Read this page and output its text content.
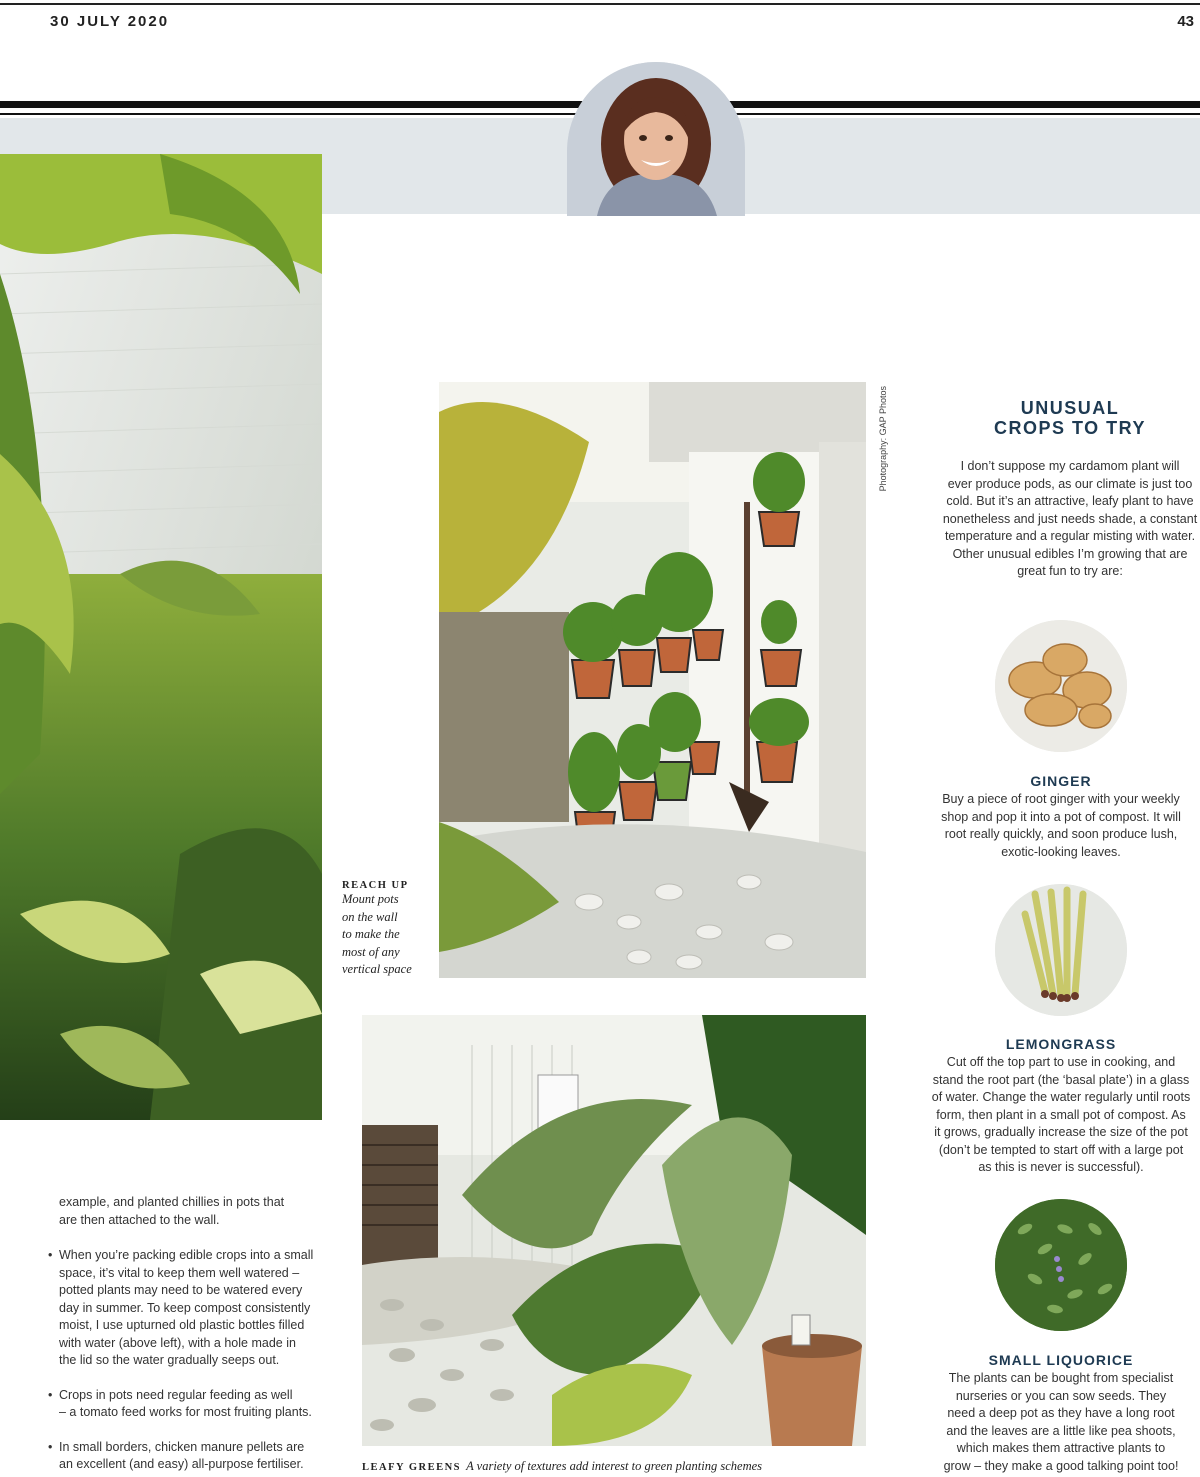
30 JULY 2020	43
Photography: GAP Photos
REACH UP
Mount pots
on the wall
to make the
most of any
vertical space
LEAFY GREENS A variety of textures add interest to green planting schemes
example, and planted chillies in pots that
are then attached to the wall.
• When you’re packing edible crops into a small
space, it’s vital to keep them well watered –
potted plants may need to be watered every
day in summer. To keep compost consistently
moist, I use upturned old plastic bottles filled
with water (above left), with a hole made in
the lid so the water gradually seeps out.
• Crops in pots need regular feeding as well
– a tomato feed works for most fruiting plants.
• In small borders, chicken manure pellets are
an excellent (and easy) all-purpose fertiliser.
UNUSUAL
CROPS TO TRY
I don’t suppose my cardamom plant will
ever produce pods, as our climate is just too
cold. But it’s an attractive, leafy plant to have
nonetheless and just needs shade, a constant
temperature and a regular misting with water.
Other unusual edibles I’m growing that are
great fun to try are:
GINGER
Buy a piece of root ginger with your weekly
shop and pop it into a pot of compost. It will
root really quickly, and soon produce lush,
exotic-looking leaves.
LEMONGRASS
Cut off the top part to use in cooking, and
stand the root part (the ‘basal plate’) in a glass
of water. Change the water regularly until roots
form, then plant in a small pot of compost. As
it grows, gradually increase the size of the pot
(don’t be tempted to start off with a large pot
as this is never is successful).
SMALL LIQUORICE
The plants can be bought from specialist
nurseries or you can sow seeds. They
need a deep pot as they have a long root
and the leaves are a little like pea shoots,
which makes them attractive plants to
grow – they make a good talking point too!
